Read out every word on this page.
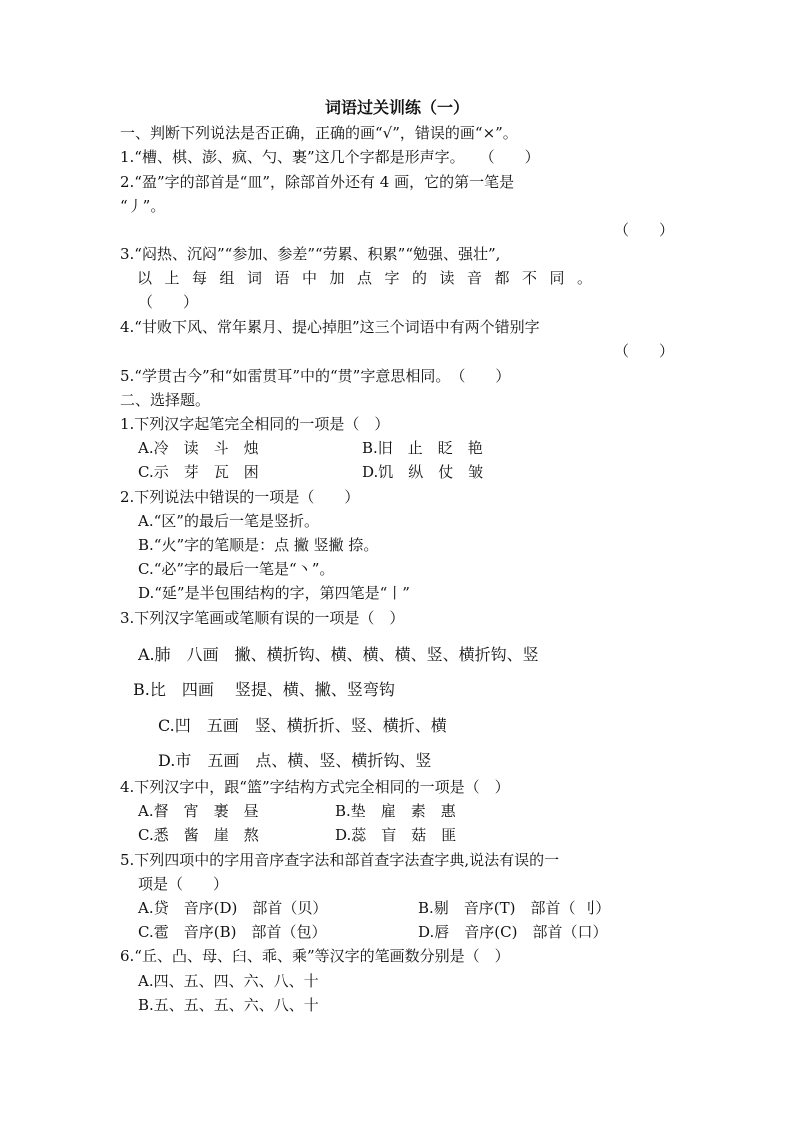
词语过关训练（一）
一、判断下列说法是否正确，正确的画“√”，错误的画“×”。
1.“槽、棋、澎、疯、勺、裹”这几个字都是形声字。　　（　　）
2.“盈”字的部首是“皿”，除部首外还有 4 画，它的第一笔是
“丿”。
（　　）
3.“闷热、沉闷”“参加、参差”“劳累、积累”“勉强、强壮”,
以上每组词语中加点字的读音都不同。
（　　）
4.“甘败下风、常年累月、提心掉胆”这三个词语中有两个错别字
（　　）
5.“学贯古今”和“如雷贯耳”中的“贯”字意思相同。　（　　）
二、选择题。
1.下列汉字起笔完全相同的一项是（　）
A.冷　读　斗　烛	B.旧　止　眨　艳
C.示　芽　瓦　困	D.饥　纵　仗　皱
2.下列说法中错误的一项是（　　）
A.“区”的最后一笔是竖折。
B.“火”字的笔顺是：点 撇 竖撇 捺。
C.“必”字的最后一笔是“丶”。
D.“延”是半包围结构的字，第四笔是“丨”
3.下列汉字笔画或笔顺有误的一项是（　）
A.肺　八画　撇、横折钩、横、横、横、竖、横折钩、竖
B.比　四画　 竖提、横、撇、竖弯钩
C.凹　五画　竖、横折折、竖、横折、横
D.市　五画　点、横、竖、横折钩、竖
4.下列汉字中，跟“篮”字结构方式完全相同的一项是（　）
A.督　宵　裹　昼	B.垫　雇　素　惠
C.悉　酱　崖　熬	D.蕊　盲　菇　匪
5.下列四项中的字用音序查字法和部首查字法查字典,说法有误的一
项是（　　）
A.贷　音序(D)　部首（贝）	B.剔　音序(T)　部首（ 刂）
C.雹　音序(B)　部首（包）	D.唇　音序(C)　部首（口）
6.“丘、凸、母、臼、乖、乘”等汉字的笔画数分别是（　）
A.四、五、四、六、八、十
B.五、五、五、六、八、十
